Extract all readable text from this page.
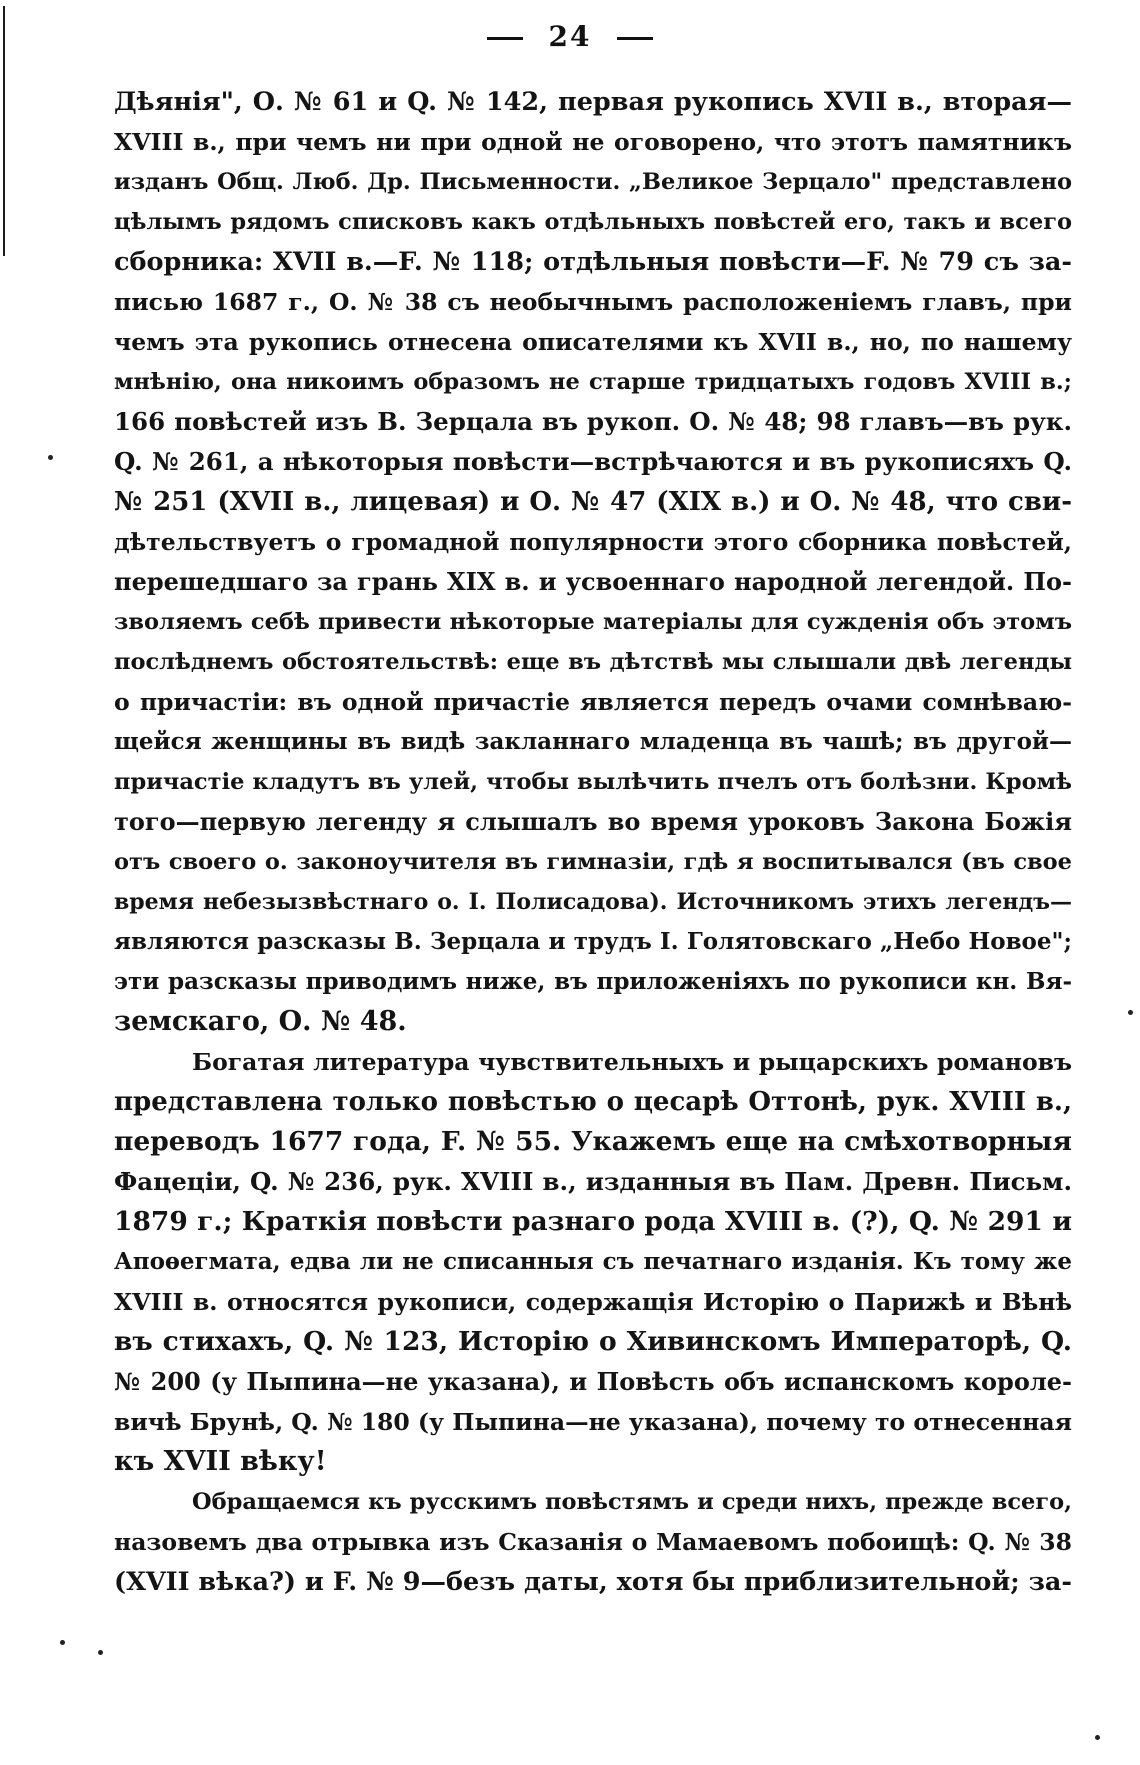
24
Дѣянія", О. № 61 и Q. № 142, первая рукопись XVII в., вторая—
XVIII в., при чемъ ни при одной не оговорено, что этотъ памятникъ
изданъ Общ. Люб. Др. Письменности. „Великое Зерцало" представлено
цѣлымъ рядомъ списковъ какъ отдѣльныхъ повѣстей его, такъ и всего
сборника: XVII в.—F. № 118; отдѣльныя повѣсти—F. № 79 съ за-
писью 1687 г., О. № 38 съ необычнымъ расположеніемъ главъ, при
чемъ эта рукопись отнесена описателями къ XVII в., но, по нашему
мнѣнію, она никоимъ образомъ не старше тридцатыхъ годовъ XVIII в.;
166 повѣстей изъ В. Зерцала въ рукоп. О. № 48; 98 главъ—въ рук.
Q. № 261, а нѣкоторыя повѣсти—встрѣчаются и въ рукописяхъ Q.
№ 251 (XVII в., лицевая) и О. № 47 (XIX в.) и О. № 48, что сви-
дѣтельствуетъ о громадной популярности этого сборника повѣстей,
перешедшаго за грань XIX в. и усвоеннаго народной легендой. По-
зволяемъ себѣ привести нѣкоторые матеріалы для сужденія объ этомъ
послѣднемъ обстоятельствѣ: еще въ дѣтствѣ мы слышали двѣ легенды
о причастіи: въ одной причастіе является передъ очами сомнѣваю-
щейся женщины въ видѣ закланнаго младенца въ чашѣ; въ другой—
причастіе кладутъ въ улей, чтобы вылѣчить пчелъ отъ болѣзни. Кромѣ
того—первую легенду я слышалъ во время уроковъ Закона Божія
отъ своего о. законоучителя въ гимназіи, гдѣ я воспитывался (въ свое
время небезызвѣстнаго о. І. Полисадова). Источникомъ этихъ легендъ—
являются разсказы В. Зерцала и трудъ І. Голятовскаго „Небо Новое";
эти разсказы приводимъ ниже, въ приложеніяхъ по рукописи кн. Вя-
земскаго, О. № 48.
Богатая литература чувствительныхъ и рыцарскихъ романовъ
представлена только повѣстью о цесарѣ Оттонѣ, рук. XVIII в.,
переводъ 1677 года, F. № 55. Укажемъ еще на смѣхотворныя
Фацеціи, Q. № 236, рук. XVIII в., изданныя въ Пам. Древн. Письм.
1879 г.; Краткія повѣсти разнаго рода XVIII в. (?), Q. № 291 и
Апоѳегмата, едва ли не списанныя съ печатнаго изданія. Къ тому же
XVIII в. относятся рукописи, содержащія Исторію о Парижѣ и Вѣнѣ
въ стихахъ, Q. № 123, Исторію о Хивинскомъ Императорѣ, Q.
№ 200 (у Пыпина—не указана), и Повѣсть объ испанскомъ короле-
вичѣ Брунѣ, Q. № 180 (у Пыпина—не указана), почему то отнесенная
къ XVII вѣку!
Обращаемся къ русскимъ повѣстямъ и среди нихъ, прежде всего,
назовемъ два отрывка изъ Сказанія о Мамаевомъ побоищѣ: Q. № 38
(XVII вѣка?) и F. № 9—безъ даты, хотя бы приблизительной; за-
